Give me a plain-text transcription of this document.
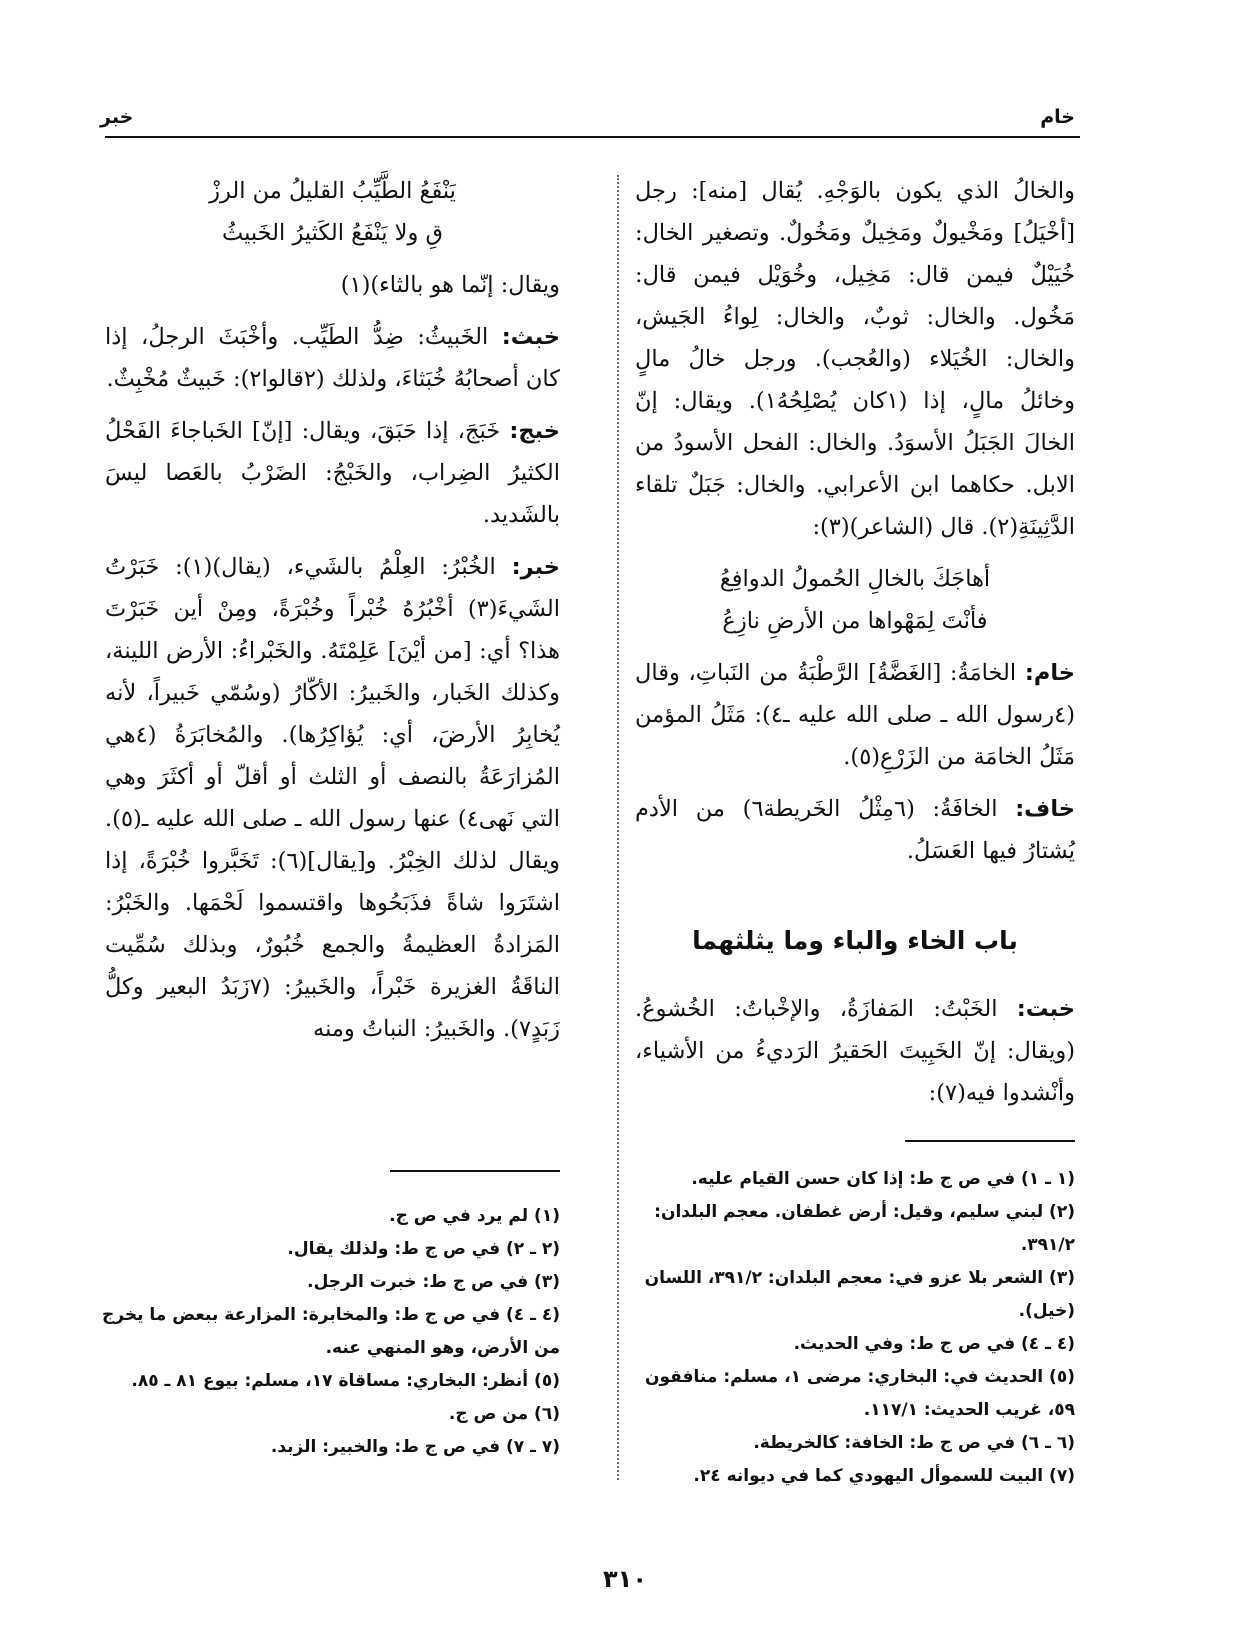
خام
خبر

والخالُ الذي يكون بالوَجْهِ. يُقال [منه]: رجل [أخْيَلُ] ومَخْيولٌ ومَخِيلٌ ومَخُولٌ. وتصغير الخال: خُيَيْلٌ فيمن قال: مَخِيل، وخُوَيْل فيمن قال: مَخُول. والخال: ثوبٌ، والخال: لِواءُ الجَيش، والخال: الخُيَلاء (والعُجب). ورجل خالُ مالٍ وخائلُ مالٍ، إذا (١كان يُصْلِحُهُ١). ويقال: إنّ الخالَ الجَبَلُ الأسوَدُ. والخال: الفحل الأسودُ من الابل. حكاهما ابن الأعرابي. والخال: جَبَلٌ تلقاء الدَّثِينَةِ(٢). قال (الشاعر)(٣):

أهاجَكَ بالخالِ الحُمولُ الدوافِعُ
فأنْتَ لِمَهْواها من الأرضِ نازِعُ

خام: الخامَةُ: [الغَضَّةُ] الرَّطْبَةُ من النَباتِ، وقال (٤رسول الله ـ صلى الله عليه ـ٤): مَثَلُ المؤمن مَثَلُ الخامَة من الزَرْعِ(٥).

خاف: الخافَةُ: (٦مِثْلُ الخَريطة٦) من الأدم يُشتارُ فيها العَسَلُ.

باب الخاء والباء وما يثلثهما

خبت: الخَبْتُ: المَفازَةُ، والإخْباتُ: الخُشوعُ. (ويقال: إنّ الخَبِيتَ الحَقيرُ الرَديءُ من الأشياء، وأنْشدوا فيه(٧):

يَنْفَعُ الطَّيِّبُ القليلُ من الرزْ
قِ ولا يَنْفَعُ الكَثيرُ الخَبيثُ

ويقال: إنّما هو بالثاء)(١)

خبث: الخَبيثُ: ضِدُّ الطَيِّب. وأخْبَثَ الرجلُ، إذا كان أصحابُهُ خُبَثاءَ، ولذلك (٢قالوا٢): خَبيثٌ مُخْبِثٌ.

خبج: خَبَجَ، إذا حَبَقَ، ويقال: [إنّ] الخَباجاءَ الفَحْلُ الكثيرُ الضِراب، والخَبْجُ: الضَرْبُ بالعَصا ليسَ بالشَديد.

خبر: الخُبْرُ: العِلْمُ بالشَيء، (يقال)(١): خَبَرْتُ الشَيءَ(٣) أخْبُرُهُ خُبْراً وخُبْرَةً، ومِنْ أين خَبَرْتَ هذا؟ أي: [من أيْنَ] عَلِمْتَهُ. والخَبْراءُ: الأرض اللينة، وكذلك الخَبار، والخَبيرُ: الأكّارُ (وسُمّي خَبيراً، لأنه يُخابِرُ الأرضَ، أي: يُؤاكِرُها). والمُخابَرَةُ (٤هي المُزارَعَةُ بالنصف أو الثلث أو أقلّ أو أكثَرَ وهي التي نَهى٤) عنها رسول الله ـ صلى الله عليه ـ(٥). ويقال لذلك الخِبْرُ. و[يقال](٦): تَخَبَّروا خُبْرَةً، إذا اشتَرَوا شاةً فذَبَحُوها واقتسموا لَحْمَها. والخَبْرُ: المَزادةُ العظيمةُ والجمع خُبُورٌ، وبذلك سُمِّيت الناقَةُ الغزيرة خَبْراً، والخَبيرُ: (٧زَبَدُ البعير وكلُّ زَبَدٍ٧). والخَبيرُ: النباتُ ومنه

(١ ـ ١) في ص ج ط: إذا كان حسن القيام عليه.
(٢) لبني سليم، وقيل: أرض غطفان. معجم البلدان: ٣٩١/٢.
(٣) الشعر بلا عزو في: معجم البلدان: ٣٩١/٢، اللسان (خيل).
(٤ ـ ٤) في ص ج ط: وفي الحديث.
(٥) الحديث في: البخاري: مرضى ١، مسلم: منافقون ٥٩، غريب الحديث: ١١٧/١.
(٦ ـ ٦) في ص ج ط: الخافة: كالخريطة.
(٧) البيت للسموأل اليهودي كما في ديوانه ٢٤.
(١) لم يرد في ص ج.
(٢ ـ ٢) في ص ج ط: ولذلك يقال.
(٣) في ص ج ط: خبرت الرجل.
(٤ ـ ٤) في ص ج ط: والمخابرة: المزارعة ببعض ما يخرج من الأرض، وهو المنهي عنه.
(٥) أنظر: البخاري: مساقاة ١٧، مسلم: بيوع ٨١ ـ ٨٥.
(٦) من ص ج.
(٧ ـ ٧) في ص ج ط: والخبير: الزبد.
٣١٠
